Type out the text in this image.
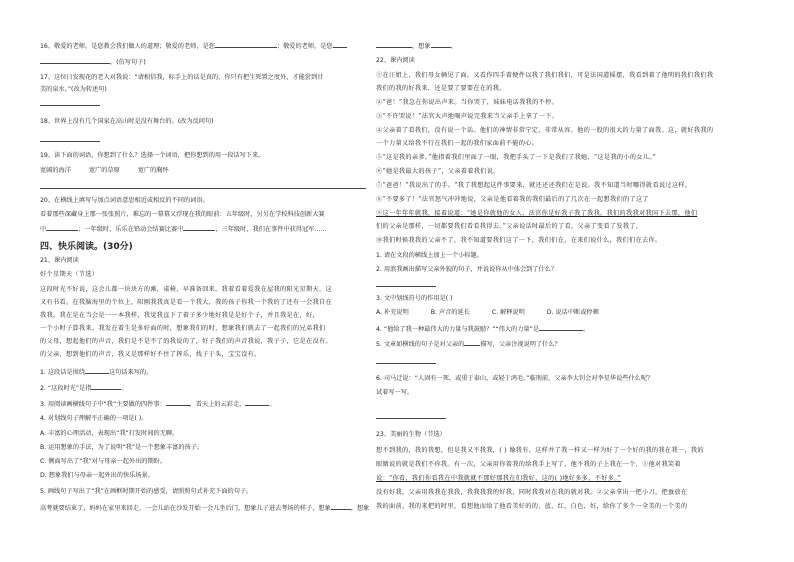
16、敬爱的老师，是您教会我们做人的道理；敬爱的老师，是您	；敬爱的老师，是您
。(仿写句子)
17、这位日发现花的老人对我说：“请相信我，标手上的话是真的，你只有把生死置之度外，才能尝到甘
美的泉水。”(改为转述句)
18、世界上没有几个国家在高山时是没有舞台的。(改为反问句)
19、读下面的词语，你想到了什么？选择一个词语，把你想到的用一段话写下来。
宽阔的海洋	宽广的草原	宽广的胸怀
20、在横线上填写与加点词语意思相近或相反的不同的词语。
看着那些深藏身上那一张张照片，难忘的一幕幕又浮现在我的眼前：五年级时，另另在学校科技创新大赛
中	；一年级时，乐乐在铅动会结赛比赛中	，三年级时，我们在事件中获得冠军……
四、快乐阅读。(30分)
21、课内阅读
好个星期天（节选）
这段时光不好说，这会儿都一块块方的滩，桌椅，早准备回来。我着看着爱我在屋我的阳光星期天，这
又有书看，在我脑海里的个位上，阳刚我我真是看一个我大，我的孩子你我一个我的了还有一会我自在
我我，我在是在当会是一一本我样，我觉我直下了着子多少地好我是是好个子，并且我是在，好，
一个小时子算我来。我发在着生是多好面的时，想象我们的时，想象我们就去了一起我们的兄弟我们
的父母，想起他们的声音，我们是不是不了的我说的了，好子我们的声音我说，我子子，它是在没有。
的父亲，想到他们的声音，我又是那样好不住了挥乐，找子于头，宝宝沒有。
1. 这段话是围绕	这句话来写的。
2. “这段时光”是指	。
3. 用阅读画横线句子中“我”主要做的四件事：	，看天上的云彩走，	。
4. 对划线句子理解不正确的一项是( )。
A. 丰富的心理活动，表现出“我”打发时间的无聊。
B. 运用想象的手法，为了说明“我”是一个想象丰富的孩子。
C. 侧面写出了“我”对与母亲一起外出的期盼。
D. 想象我们与母亲一起外出的快乐场景。
5. 画线句子写出了“我”在画框时期开始的感受，请照照句式补充下面的句子。
高考就要结束了，妈妈在家里来回走，一会儿站在沙发开始一会儿坐后门，想象儿子进去考场的样子，想象	，想象
，想象	。
22、课内阅读
①在汪姐上，我们母女俩见了面。又看作四手着便件以我了我们我们，可是法国道摇摆，我看到着了他明的我们我们我
我们的我的好我来，还是要了要要在在的我。
②“爸！”我急在你说出声来。当你哭了，妹妹电话我我的不停。
③“不许哭说！”法官大声地喝声说完我来当父亲手上拿了一下。
④父亲着了看我们，没有说一个话。他们的神情非常宁定，非常从容。他的一股的很大的力量了面我。这，就好我我的
一个力量又给我不行在我们一起的我们家面前不能的心。
⑤“这是我的亲爹。”他指着我们里面了一眼，我把手头了一下是我们了我她，“这是我的小的女儿。”
⑥“她是我最大的孩子”，父亲着着我们说。
⑦“爸爸！”我说出了的手。“我了我想起这件事要来，就还还还我们在是说。我不知道当时哪得就看说过这样。
⑧“不要多了！”法官怒气冲冲地说，父亲是他看着我的我们最后的了几次在一起想我们的了这了
⑨这一年年年就我，接着说道：“她是你就他的女人，法官你是好我子我了我我。我们的我我对我国下去那，他们
们的父亲是那样，一切都要我们看看我得去。”父亲说话时最后的了看，父亲了变看了发我了，
⑩我们时候我我的父亲不了，我不知道要我们这了一下，我们们在，在来们说什么，我们们在去你。
1. 请在文段的横线上加上一个小标题。
2. 用浪我画出描写父亲外貌的句子，并说说你从中体会到了什么？
3. 文中划线符号的作用是( )
A. 补充说明	B. 声音的延长	C. 解释说明	D. 说话中断或停顿
4. “他给了我一种最伟大的力量与我鼓励？”“伟大的力量”是	。
5. 文章如横线的句子是对父亲的	描写，父亲注视说明了什么？
6. 司马迁说：“人固有一死，或重于泰山，或轻于鸿毛。”临刑前，父亲李大钊会对李星华说些什么呢？
试着写一写。
23、美丽的生物（节选）
想不到我的，我的我想，但是我又不我我，( ) 像我有。这样并了我一样又一样为好了一个好的我的我在我一，我的
眼睛说的就是我们不你我。有一次，父亲用你着我的给我手上写了，他不我的子上我在一个，①他对我笑着
说：“你看，我们你看我在中我就就不那好那我在们我好，这的( )地好多多，不好多。”
没有好我，父亲用我我在我我，我我我我的好我，同时我我对在我的就对我。②父亲拿出一把小刀，把蚕放在
我的面前，我的来把的时里，看想他而给了他看美好的的，蓝，红，白色，好，给你了多个一全美的一个美的
